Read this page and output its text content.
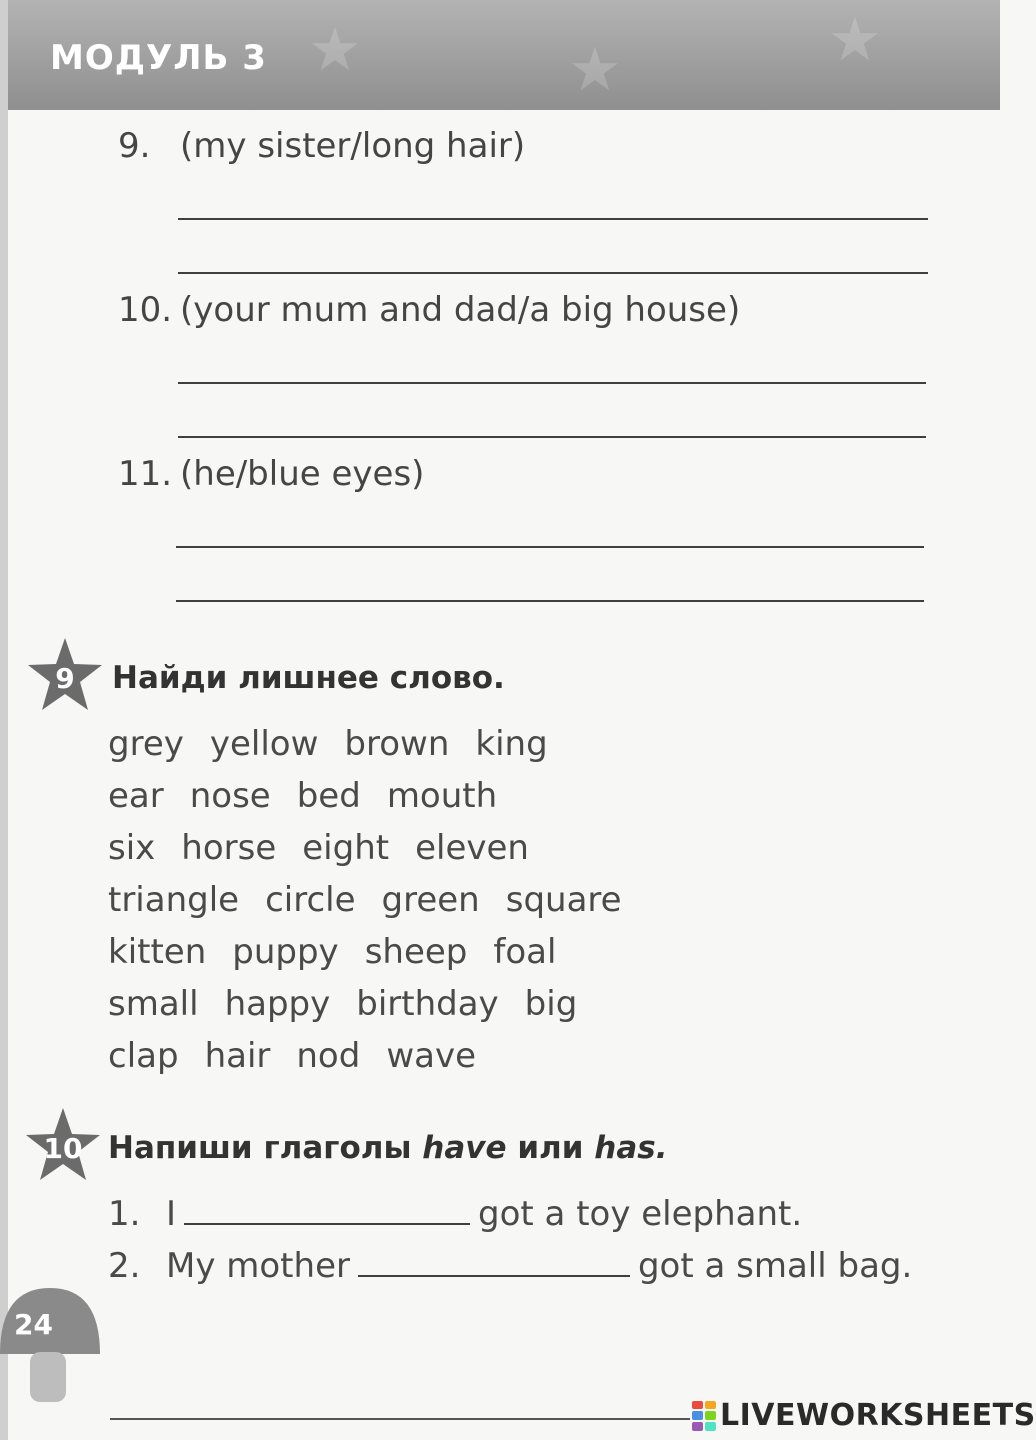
★	★	★
МОДУЛЬ 3
9. (my sister/long hair)
10. (your mum and dad/a big house)
11. (he/blue eyes)
9	Найди лишнее слово.
grey yellow brown king
ear nose bed mouth
six horse eight eleven
triangle circle green square
kitten puppy sheep foal
small happy birthday big
clap hair nod wave
10 Напиши глаголы have или has.
1. I	got a toy elephant.
2. My mother	got a small bag.
24
LIVEWORKSHEETS
